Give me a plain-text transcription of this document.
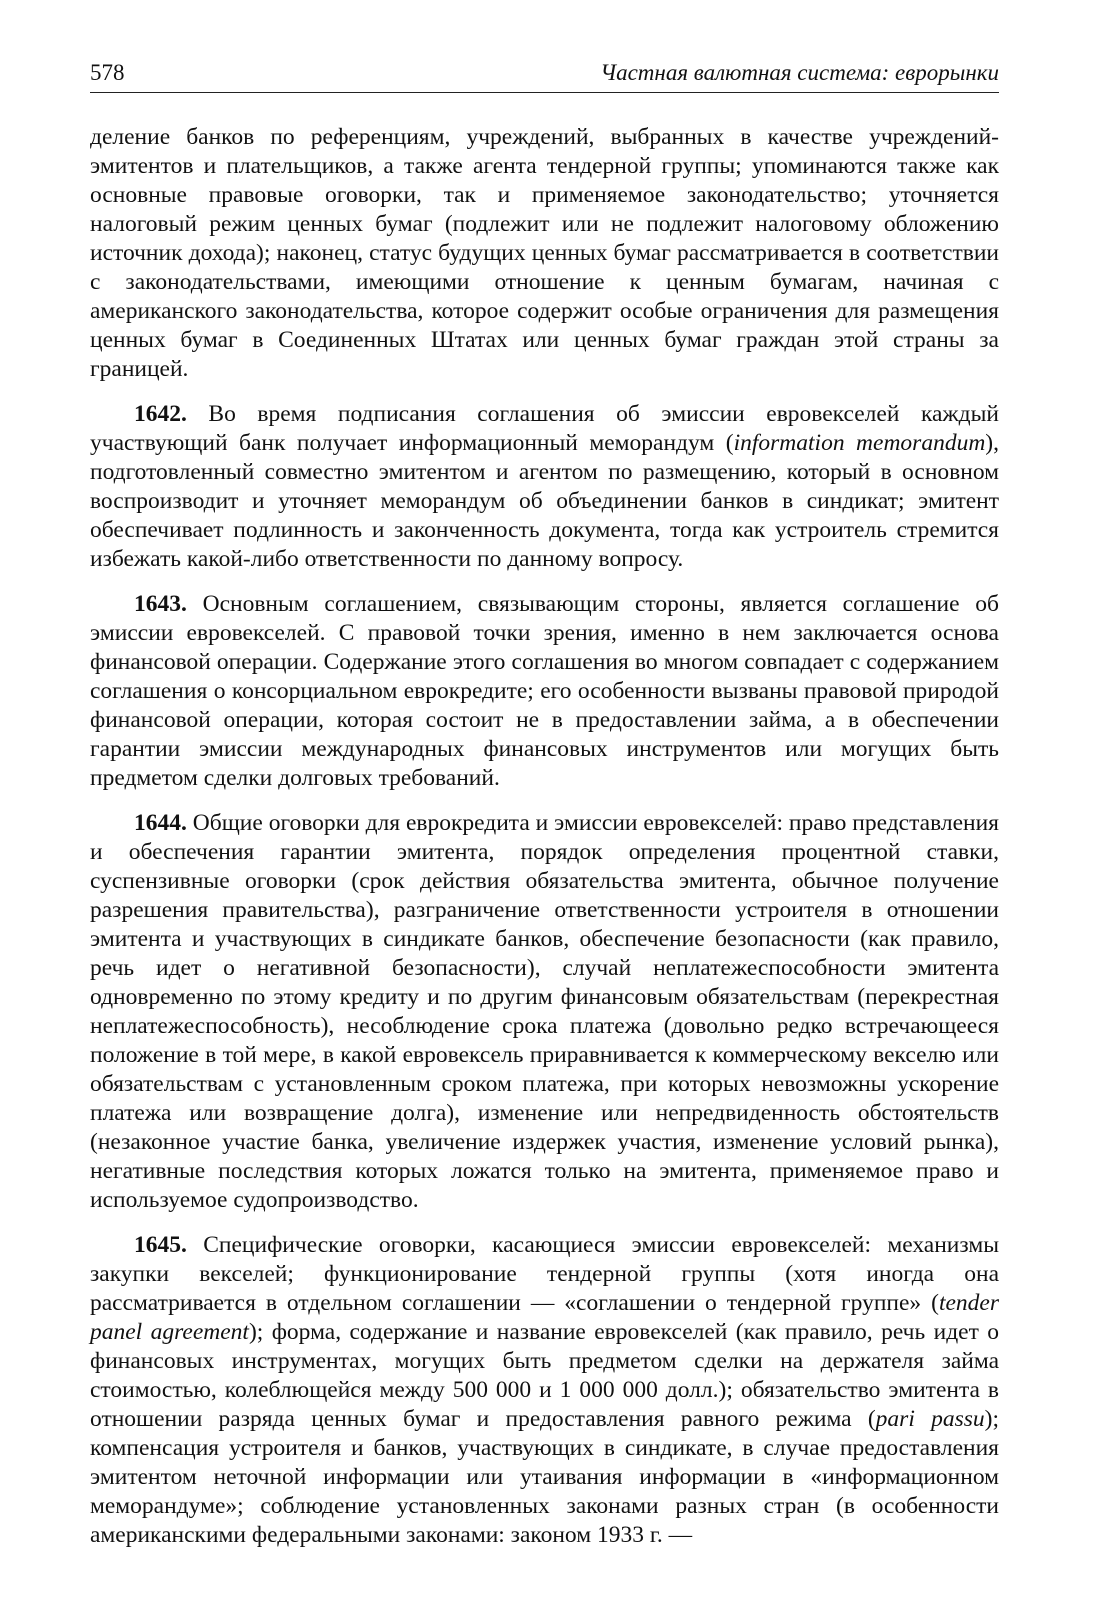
578	Частная валютная система: еврорынки

деление банков по референциям, учреждений, выбранных в качестве учреждений-эмитентов и плательщиков, а также агента тендерной группы; упоминаются также как основные правовые оговорки, так и применяемое законодательство; уточняется налоговый режим ценных бумаг (подлежит или не подлежит налоговому обложению источник дохода); наконец, статус будущих ценных бумаг рассматривается в соответствии с законодательствами, имеющими отношение к ценным бумагам, начиная с американского законодательства, которое содержит особые ограничения для размещения ценных бумаг в Соединенных Штатах или ценных бумаг граждан этой страны за границей.

1642. Во время подписания соглашения об эмиссии евровекселей каждый участвующий банк получает информационный меморандум (information memorandum), подготовленный совместно эмитентом и агентом по размещению, который в основном воспроизводит и уточняет меморандум об объединении банков в синдикат; эмитент обеспечивает подлинность и законченность документа, тогда как устроитель стремится избежать какой-либо ответственности по данному вопросу.

1643. Основным соглашением, связывающим стороны, является соглашение об эмиссии евровекселей. С правовой точки зрения, именно в нем заключается основа финансовой операции. Содержание этого соглашения во многом совпадает с содержанием соглашения о консорциальном еврокредите; его особенности вызваны правовой природой финансовой операции, которая состоит не в предоставлении займа, а в обеспечении гарантии эмиссии международных финансовых инструментов или могущих быть предметом сделки долговых требований.

1644. Общие оговорки для еврокредита и эмиссии евровекселей: право представления и обеспечения гарантии эмитента, порядок определения процентной ставки, суспензивные оговорки (срок действия обязательства эмитента, обычное получение разрешения правительства), разграничение ответственности устроителя в отношении эмитента и участвующих в синдикате банков, обеспечение безопасности (как правило, речь идет о негативной безопасности), случай неплатежеспособности эмитента одновременно по этому кредиту и по другим финансовым обязательствам (перекрестная неплатежеспособность), несоблюдение срока платежа (довольно редко встречающееся положение в той мере, в какой евровексель приравнивается к коммерческому векселю или обязательствам с установленным сроком платежа, при которых невозможны ускорение платежа или возвращение долга), изменение или непредвиденность обстоятельств (незаконное участие банка, увеличение издержек участия, изменение условий рынка), негативные последствия которых ложатся только на эмитента, применяемое право и используемое судопроизводство.

1645. Специфические оговорки, касающиеся эмиссии евровекселей: механизмы закупки векселей; функционирование тендерной группы (хотя иногда она рассматривается в отдельном соглашении — «соглашении о тендерной группе» (tender panel agreement); форма, содержание и название евровекселей (как правило, речь идет о финансовых инструментах, могущих быть предметом сделки на держателя займа стоимостью, колеблющейся между 500 000 и 1 000 000 долл.); обязательство эмитента в отношении разряда ценных бумаг и предоставления равного режима (pari passu); компенсация устроителя и банков, участвующих в синдикате, в случае предоставления эмитентом неточной информации или утаивания информации в «информационном меморандуме»; соблюдение установленных законами разных стран (в особенности американскими федеральными законами: законом 1933 г. —
